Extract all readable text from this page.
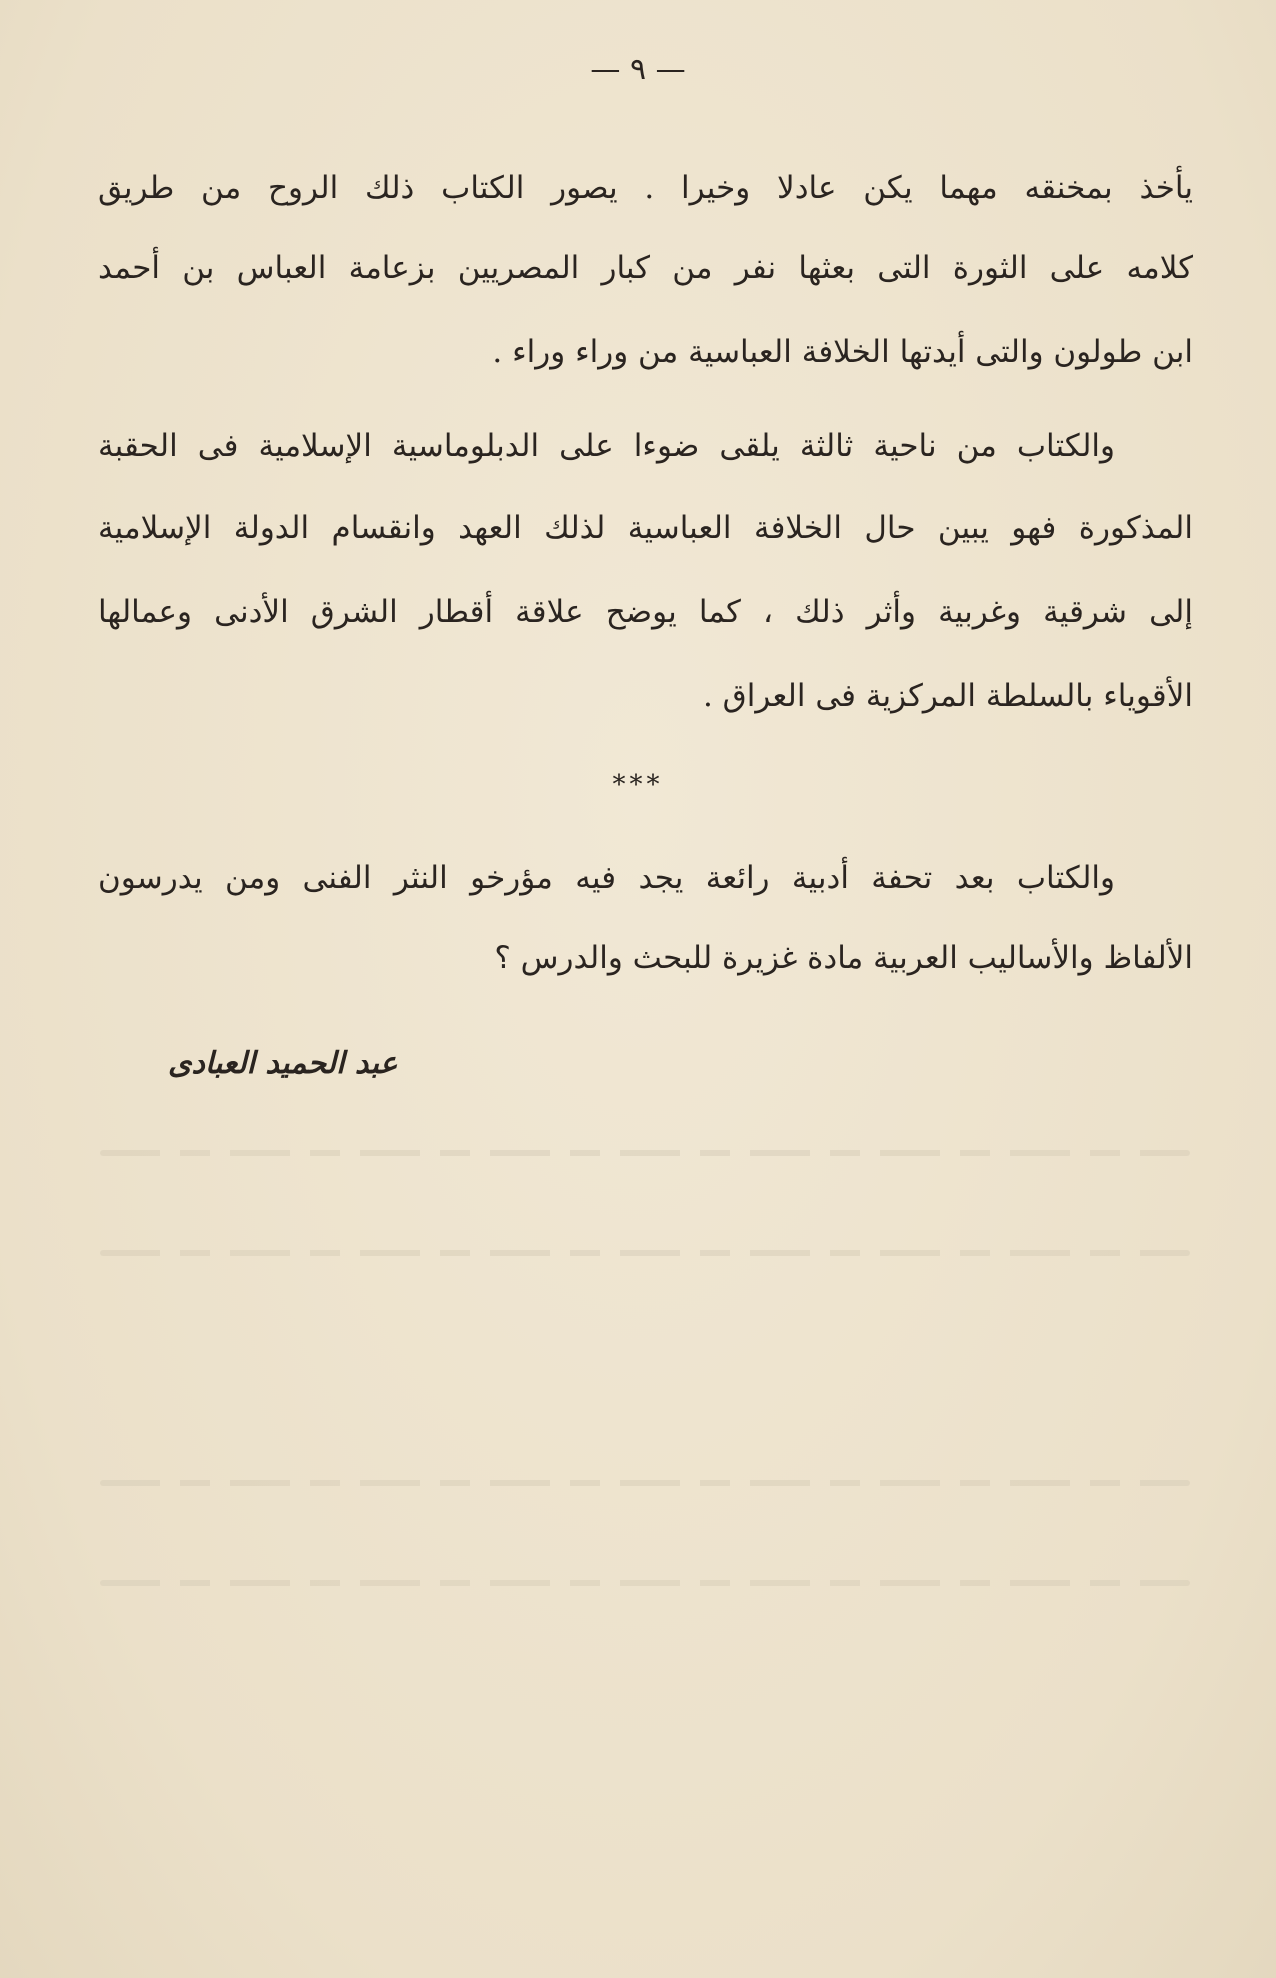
— ٩ —
يأخذ بمخنقه مهما يكن عادلا وخيرا . يصور الكتاب ذلك الروح من طريق
كلامه على الثورة التى بعثها نفر من كبار المصريين بزعامة العباس بن أحمد
ابن طولون والتى أيدتها الخلافة العباسية من وراء وراء .
والكتاب من ناحية ثالثة يلقى ضوءا على الدبلوماسية الإسلامية فى الحقبة
المذكورة فهو يبين حال الخلافة العباسية لذلك العهد وانقسام الدولة الإسلامية
إلى شرقية وغربية وأثر ذلك ، كما يوضح علاقة أقطار الشرق الأدنى وعمالها
الأقوياء بالسلطة المركزية فى العراق .
***
والكتاب بعد تحفة أدبية رائعة يجد فيه مؤرخو النثر الفنى ومن يدرسون
الألفاظ والأساليب العربية مادة غزيرة للبحث والدرس ؟
عبد الحميد العبادى
